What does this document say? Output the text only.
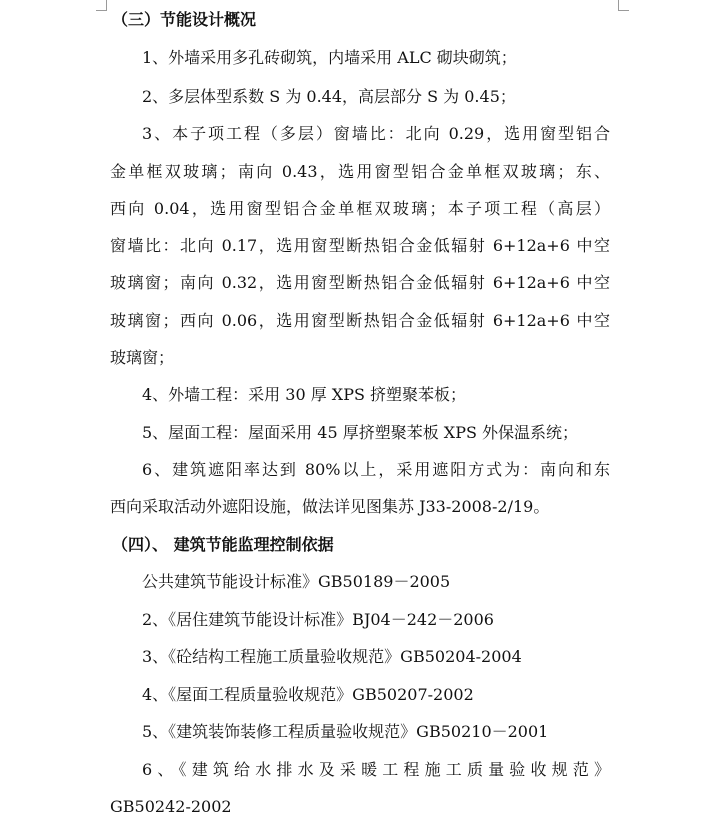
（三）节能设计概况
1、外墙采用多孔砖砌筑，内墙采用 ALC 砌块砌筑；
2、多层体型系数 S 为 0.44，高层部分 S 为 0.45；
3、本子项工程（多层）窗墙比：北向 0.29，选用窗型铝合
金单框双玻璃；南向 0.43，选用窗型铝合金单框双玻璃；东、
西向 0.04，选用窗型铝合金单框双玻璃；本子项工程（高层）
窗墙比：北向 0.17，选用窗型断热铝合金低辐射 6+12a+6 中空
玻璃窗；南向 0.32，选用窗型断热铝合金低辐射 6+12a+6 中空
玻璃窗；西向 0.06，选用窗型断热铝合金低辐射 6+12a+6 中空
玻璃窗；
4、外墙工程：采用 30 厚 XPS 挤塑聚苯板；
5、屋面工程：屋面采用 45 厚挤塑聚苯板 XPS 外保温系统；
6、建筑遮阳率达到 80%以上，采用遮阳方式为：南向和东
西向采取活动外遮阳设施，做法详见图集苏 J33-2008-2/19。
（四）、 建筑节能监理控制依据
公共建筑节能设计标准》GB50189－2005
2、《居住建筑节能设计标准》BJ04－242－2006
3、《砼结构工程施工质量验收规范》GB50204-2004
4、《屋面工程质量验收规范》GB50207-2002
5、《建筑装饰装修工程质量验收规范》GB50210－2001
6、《建筑给水排水及采暖工程施工质量验收规范》
GB50242-2002
